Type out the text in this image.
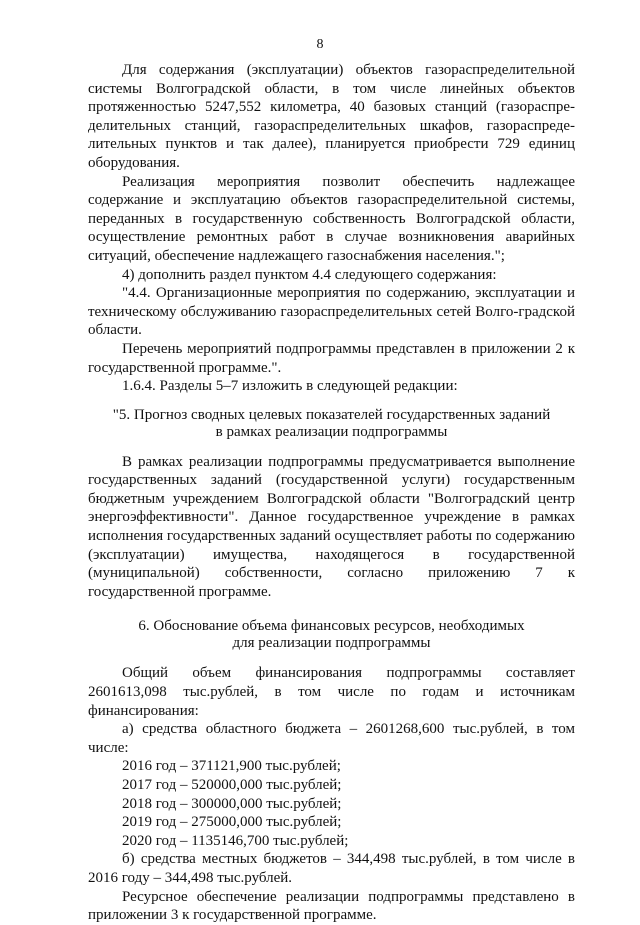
8

Для содержания (эксплуатации) объектов газораспределительной системы Волгоградской области, в том числе линейных объектов протяженностью 5247,552 километра, 40 базовых станций (газораспре-делительных станций, газораспределительных шкафов, газораспреде-лительных пунктов и так далее), планируется приобрести 729 единиц оборудования.

Реализация мероприятия позволит обеспечить надлежащее содержание и эксплуатацию объектов газораспределительной системы, переданных в государственную собственность Волгоградской области, осуществление ремонтных работ в случае возникновения аварийных ситуаций, обеспечение надлежащего газоснабжения населения.";

4) дополнить раздел пунктом 4.4 следующего содержания:

"4.4. Организационные мероприятия по содержанию, эксплуатации и техническому обслуживанию газораспределительных сетей Волго-градской области.

Перечень мероприятий подпрограммы представлен в приложении 2 к государственной программе.".

1.6.4. Разделы 5–7 изложить в следующей редакции:

"5. Прогноз сводных целевых показателей государственных заданий
в рамках реализации подпрограммы

В рамках реализации подпрограммы предусматривается выполнение государственных заданий (государственной услуги) государственным бюджетным учреждением Волгоградской области "Волгоградский центр энергоэффективности". Данное государственное учреждение в рамках исполнения государственных заданий осуществляет работы по содержанию (эксплуатации) имущества, находящегося в государственной (муниципальной) собственности, согласно приложению 7 к государственной программе.

6. Обоснование объема финансовых ресурсов, необходимых
для реализации подпрограммы

Общий объем финансирования подпрограммы составляет 2601613,098 тыс.рублей, в том числе по годам и источникам финансирования:

а) средства областного бюджета – 2601268,600 тыс.рублей, в том числе:

2016 год – 371121,900 тыс.рублей;

2017 год – 520000,000 тыс.рублей;

2018 год – 300000,000 тыс.рублей;

2019 год – 275000,000 тыс.рублей;

2020 год – 1135146,700 тыс.рублей;

б) средства местных бюджетов – 344,498 тыс.рублей, в том числе в 2016 году – 344,498 тыс.рублей.

Ресурсное обеспечение реализации подпрограммы представлено в приложении 3 к государственной программе.
